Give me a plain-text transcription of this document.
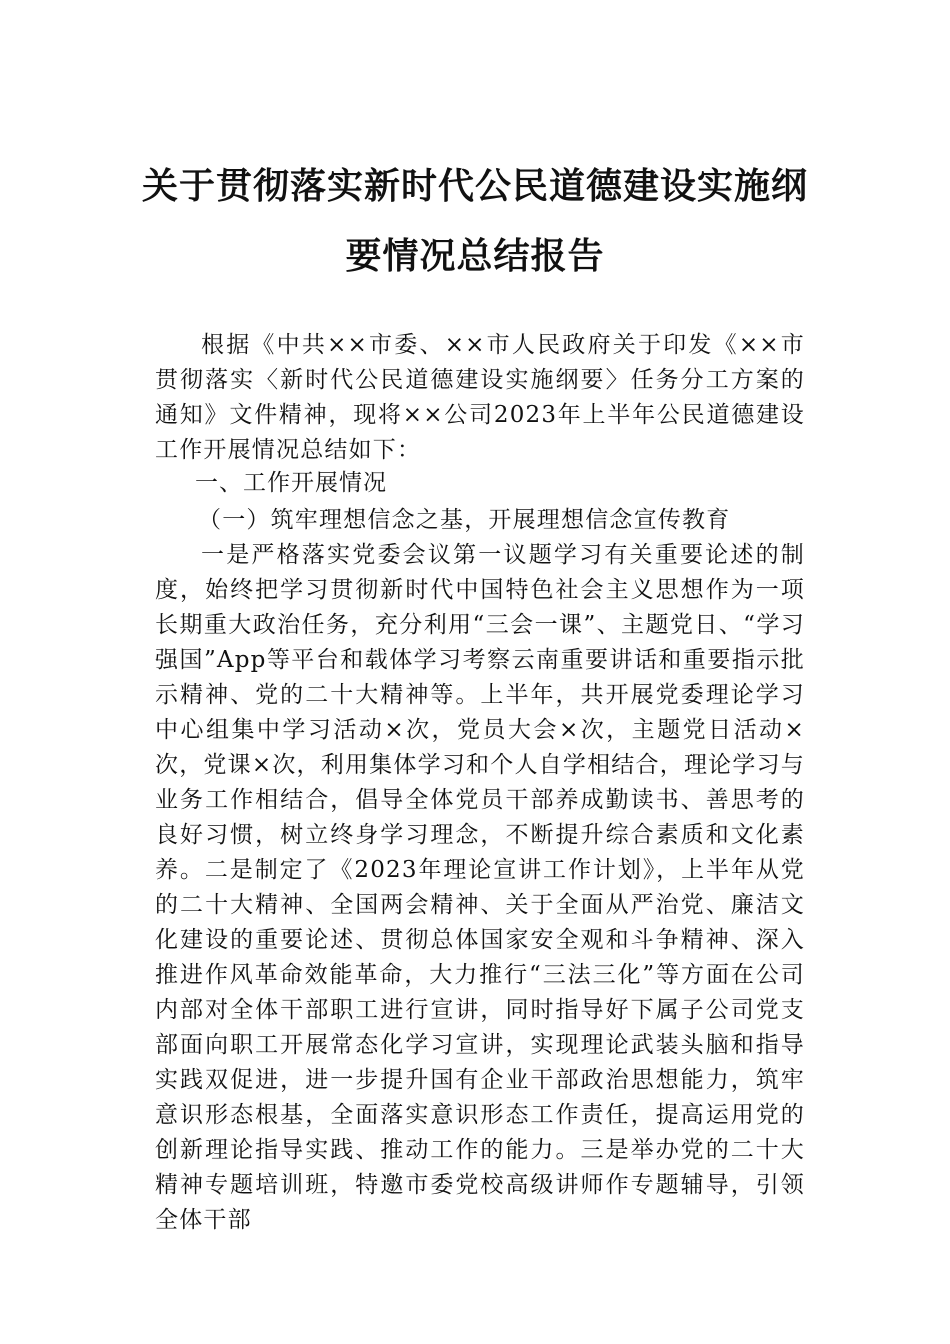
关于贯彻落实新时代公民道德建设实施纲
要情况总结报告
根据《中共××市委、××市人民政府关于印发《××市贯彻落实〈新时代公民道德建设实施纲要〉任务分工方案的通知》文件精神，现将××公司2023年上半年公民道德建设工作开展情况总结如下：
一、工作开展情况
（一）筑牢理想信念之基，开展理想信念宣传教育
一是严格落实党委会议第一议题学习有关重要论述的制度，始终把学习贯彻新时代中国特色社会主义思想作为一项长期重大政治任务，充分利用“三会一课”、主题党日、“学习强国”App等平台和载体学习考察云南重要讲话和重要指示批示精神、党的二十大精神等。上半年，共开展党委理论学习中心组集中学习活动×次，党员大会×次，主题党日活动×次，党课×次，利用集体学习和个人自学相结合，理论学习与业务工作相结合，倡导全体党员干部养成勤读书、善思考的良好习惯，树立终身学习理念，不断提升综合素质和文化素养。二是制定了《2023年理论宣讲工作计划》，上半年从党的二十大精神、全国两会精神、关于全面从严治党、廉洁文化建设的重要论述、贯彻总体国家安全观和斗争精神、深入推进作风革命效能革命，大力推行“三法三化”等方面在公司内部对全体干部职工进行宣讲，同时指导好下属子公司党支部面向职工开展常态化学习宣讲，实现理论武装头脑和指导实践双促进，进一步提升国有企业干部政治思想能力，筑牢意识形态根基，全面落实意识形态工作责任，提高运用党的创新理论指导实践、推动工作的能力。三是举办党的二十大精神专题培训班，特邀市委党校高级讲师作专题辅导，引领全体干部
